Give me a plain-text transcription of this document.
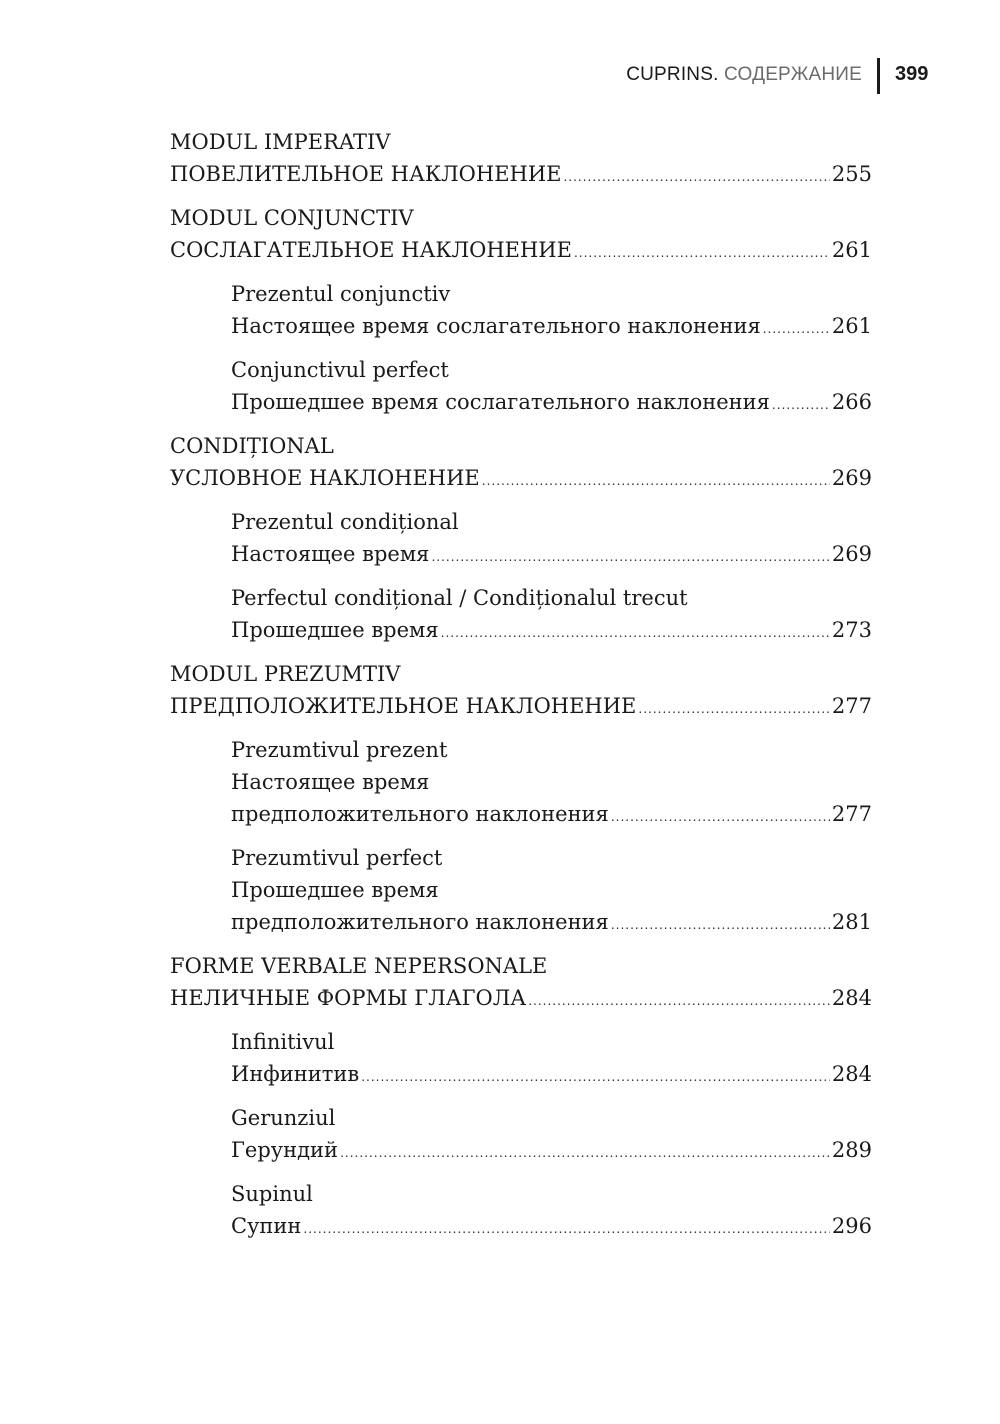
CUPRINS. СОДЕРЖАНИЕ 399
MODUL IMPERATIV
ПОВЕЛИТЕЛЬНОЕ НАКЛОНЕНИЕ .....	255
MODUL CONJUNCTIV
СОСЛАГАТЕЛЬНОЕ НАКЛОНЕНИЕ .....	261
Prezentul conjunctiv
Настоящее время сослагательного наклонения .....	261
Conjunctivul perfect
Прошедшее время сослагательного наклонения .....	266
CONDIȚIONAL
УСЛОВНОЕ НАКЛОНЕНИЕ .....	269
Prezentul condițional
Настоящее время .....	269
Perfectul condițional / Condiționalul trecut
Прошедшее время .....	273
MODUL PREZUMTIV
ПРЕДПОЛОЖИТЕЛЬНОЕ НАКЛОНЕНИЕ .....	277
Prezumtivul prezent
Настоящее время
предположительного наклонения .....	277
Prezumtivul perfect
Прошедшее время
предположительного наклонения .....	281
FORME VERBALE NEPERSONALE
НЕЛИЧНЫЕ ФОРМЫ ГЛАГОЛА .....	284
Infinitivul
Инфинитив .....	284
Gerunziul
Герундий .....	289
Supinul
Супин .....	296
